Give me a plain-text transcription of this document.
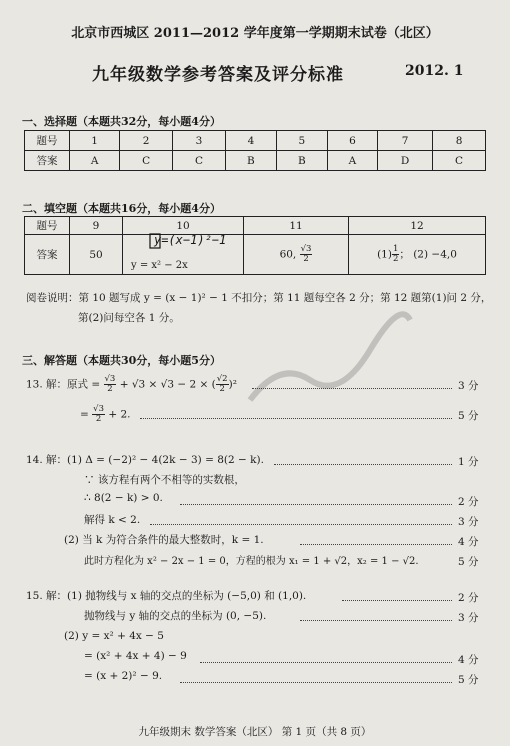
北京市西城区 2011—2012 学年度第一学期期末试卷（北区）
九年级数学参考答案及评分标准	2012. 1
一、选择题（本题共32分，每小题4分）
题号	1	2	3	4	5	6	7	8
答案	A	C	C	B	B	A	D	C
二、填空题（本题共16分，每小题4分）
题号	9	10	11	12
答案	50	y = x² − 2x	60, $\frac{√3}{2}$	$(1) \frac{1}{2}$ ； (2) −4,0
y=(x−1)²−1
阅卷说明：第 10 题写成 y = (x − 1)² − 1 不扣分；第 11 题每空各 2 分；第 12 题第(1)问 2 分，
第(2)问每空各 1 分。
三、解答题（本题共30分，每小题5分）
13. 解：原式 = $\frac{√3}{2} + √3 \times √3 - 2$ × ( $\frac{√2}{2} )^2$	3 分
= $\frac{√3}{2} + 2$.	5 分
14. 解：(1) Δ = (−2)² − 4(2k − 3) = 8(2 − k).	1 分
∵ 该方程有两个不相等的实数根，
∴ 8(2 − k) > 0.	2 分
解得 k < 2.	3 分
(2) 当 k 为符合条件的最大整数时，k = 1.	4 分
此时方程化为 x² − 2x − 1 = 0，方程的根为 x₁ = 1 + √2，x₂ = 1 − √2.	5 分
15. 解：(1) 抛物线与 x 轴的交点的坐标为 (−5,0) 和 (1,0).	2 分
抛物线与 y 轴的交点的坐标为 (0, −5).	3 分
(2) y = x² + 4x − 5
= (x² + 4x + 4) − 9	4 分
= (x + 2)² − 9.	5 分
九年级期末 数学答案（北区） 第 1 页（共 8 页）
